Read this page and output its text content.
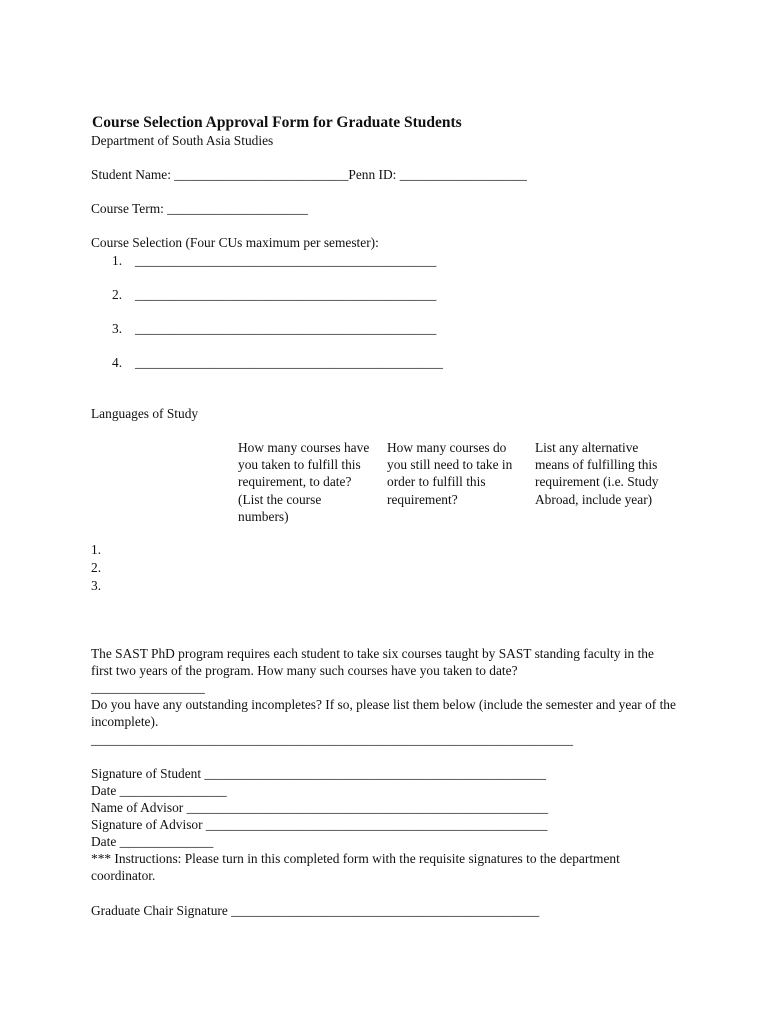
Course Selection Approval Form for Graduate Students
Department of South Asia Studies
Student Name: __________________________Penn ID: ___________________
Course Term: _____________________
Course Selection (Four CUs maximum per semester):
1. _____________________________________________
2. _____________________________________________
3. _____________________________________________
4. ______________________________________________
Languages of Study
How many courses have you taken to fulfill this requirement, to date? (List the course numbers)
How many courses do you still need to take in order to fulfill this requirement?
List any alternative means of fulfilling this requirement (i.e. Study Abroad, include year)
1.
2.
3.
The SAST PhD program requires each student to take six courses taught by SAST standing faculty in the first two years of the program. How many such courses have you taken to date?
_________________
Do you have any outstanding incompletes? If so, please list them below (include the semester and year of the incomplete).
________________________________________________________________________
Signature of Student ___________________________________________________
Date ________________
Name of Advisor ______________________________________________________
Signature of Advisor ___________________________________________________
Date ______________
*** Instructions: Please turn in this completed form with the requisite signatures to the department coordinator.
Graduate Chair Signature ______________________________________________
